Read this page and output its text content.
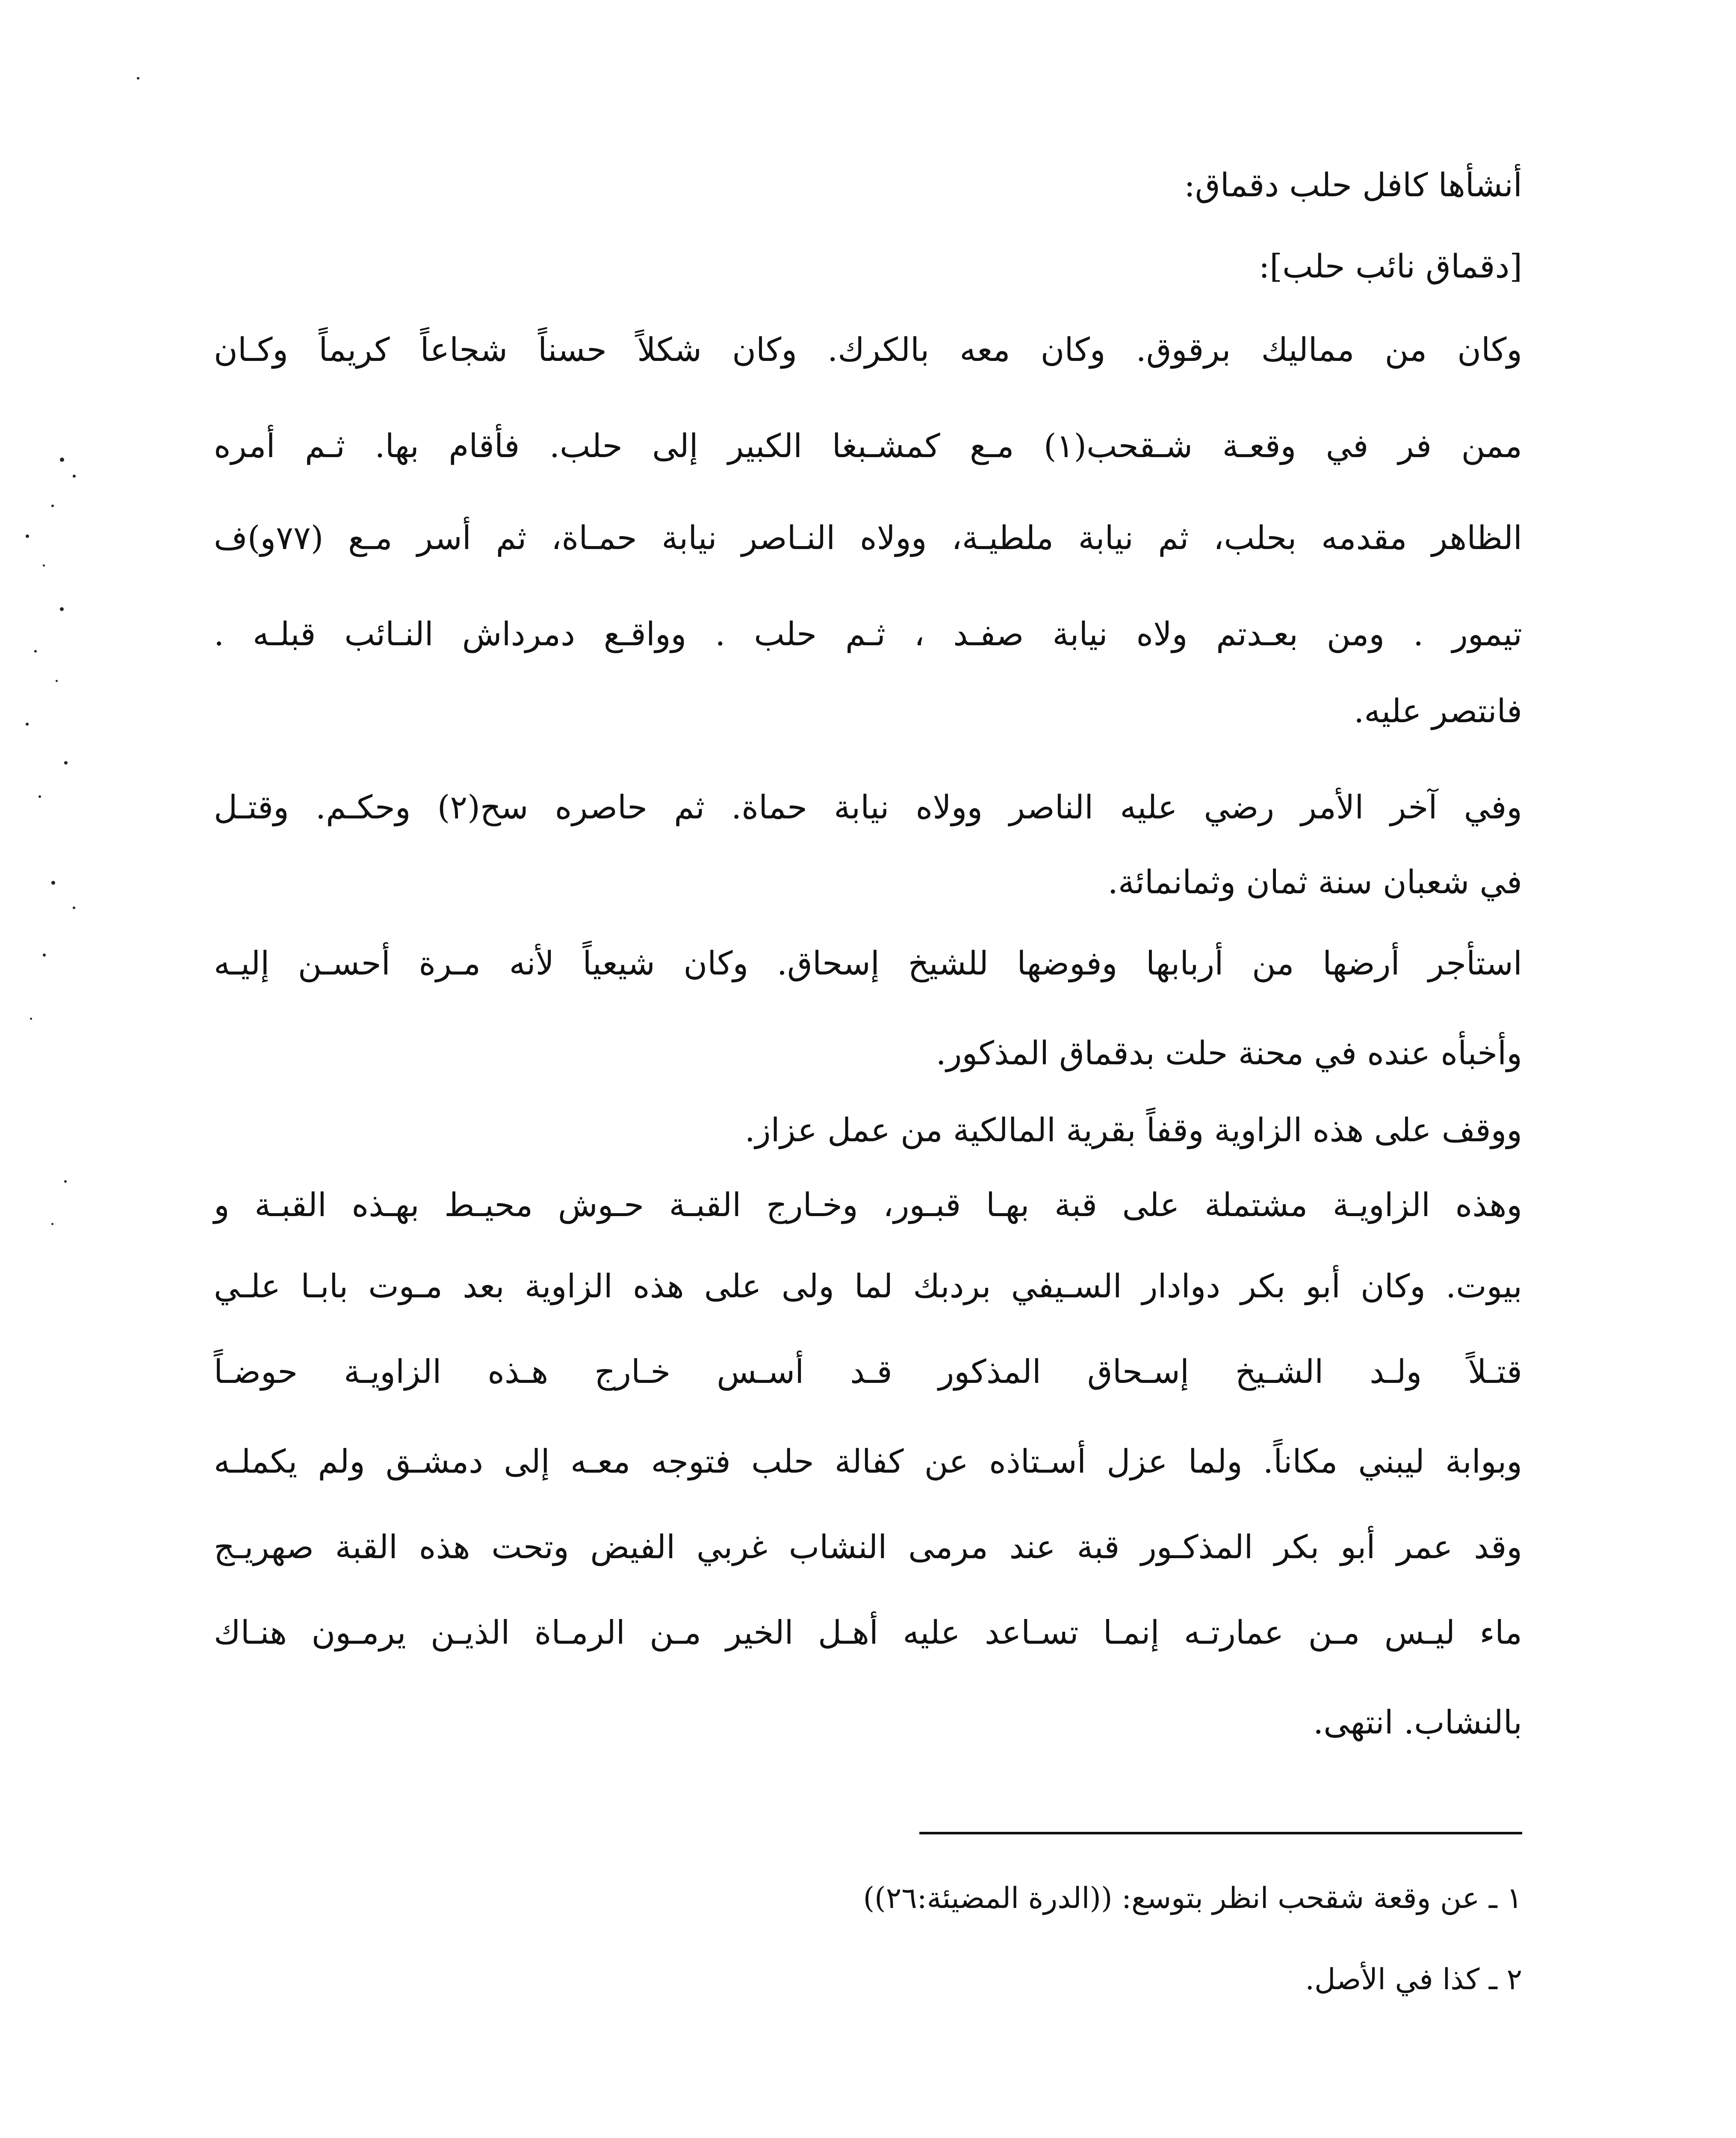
أنشأها كافل حلب دقماق:
[دقماق نائب حلب]:
وكان من مماليك برقوق. وكان معه بالكرك. وكان شكلاً حسناً شجاعاً كريماً وكـان
ممن فر في وقعـة شـقحب(١) مـع كمشـبغا الكبير إلى حلب. فأقام بها. ثـم أمره
الظاهر مقدمه بحلب، ثم نيابة ملطيـة، وولاه النـاصر نيابة حمـاة، ثم أسر مـع (٧٧و)ف
تيمور . ومن بعـدتم ولاه نيابة صفـد ، ثـم حلب . وواقـع دمرداش النـائب قبلـه .
فانتصر عليه.
وفي آخر الأمر رضي عليه الناصر وولاه نيابة حماة. ثم حاصره سح(٢) وحكـم. وقتـل
في شعبان سنة ثمان وثمانمائة.
استأجر أرضها من أربابها وفوضها للشيخ إسحاق. وكان شيعياً لأنه مـرة أحسـن إليـه
وأخبأه عنده في محنة حلت بدقماق المذكور.
ووقف على هذه الزاوية وقفاً بقرية المالكية من عمل عزاز.
وهذه الزاويـة مشتملة على قبة بهـا قبـور، وخـارج القبـة حـوش محيـط بهـذه القبـة و
بيوت. وكان أبو بكر دوادار السـيفي بردبك لما ولى على هذه الزاوية بعد مـوت بابـا علـي
قتـلاً ولـد الشـيخ إسـحاق المذكور قـد أسـس خـارج هـذه الزاويـة حوضـاً
وبوابة ليبني مكاناً. ولما عزل أسـتاذه عن كفالة حلب فتوجه معـه إلى دمشـق ولم يكملـه
وقد عمر أبو بكر المذكـور قبة عند مرمى النشاب غربي الفيض وتحت هذه القبة صهريـج
ماء ليـس مـن عمارتـه إنمـا تسـاعد عليه أهـل الخير مـن الرمـاة الذيـن يرمـون هنـاك
بالنشاب. انتهى.
١ ـ عن وقعة شقحب انظر بتوسع: ((الدرة المضيئة:٢٦))
٢ ـ كذا في الأصل.
